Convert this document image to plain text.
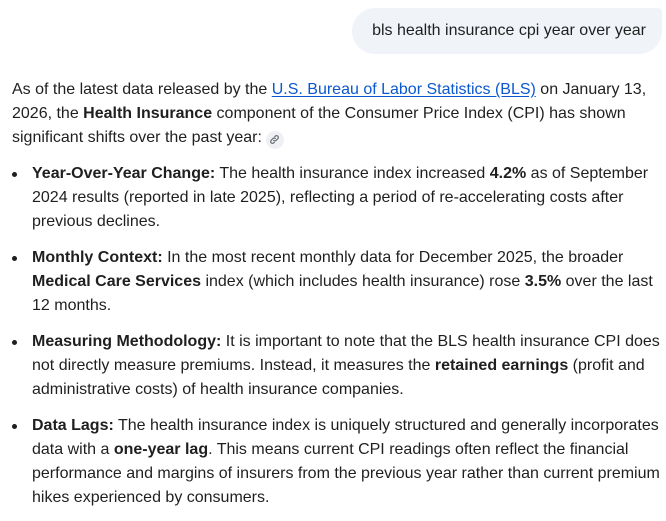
bls health insurance cpi year over year

As of the latest data released by the U.S. Bureau of Labor Statistics (BLS) on January 13, 2026, the Health Insurance component of the Consumer Price Index (CPI) has shown significant shifts over the past year:

Year-Over-Year Change: The health insurance index increased 4.2% as of September 2024 results (reported in late 2025), reflecting a period of re-accelerating costs after previous declines.
Monthly Context: In the most recent monthly data for December 2025, the broader Medical Care Services index (which includes health insurance) rose 3.5% over the last 12 months.
Measuring Methodology: It is important to note that the BLS health insurance CPI does not directly measure premiums. Instead, it measures the retained earnings (profit and administrative costs) of health insurance companies.
Data Lags: The health insurance index is uniquely structured and generally incorporates data with a one-year lag. This means current CPI readings often reflect the financial performance and margins of insurers from the previous year rather than current premium hikes experienced by consumers.
